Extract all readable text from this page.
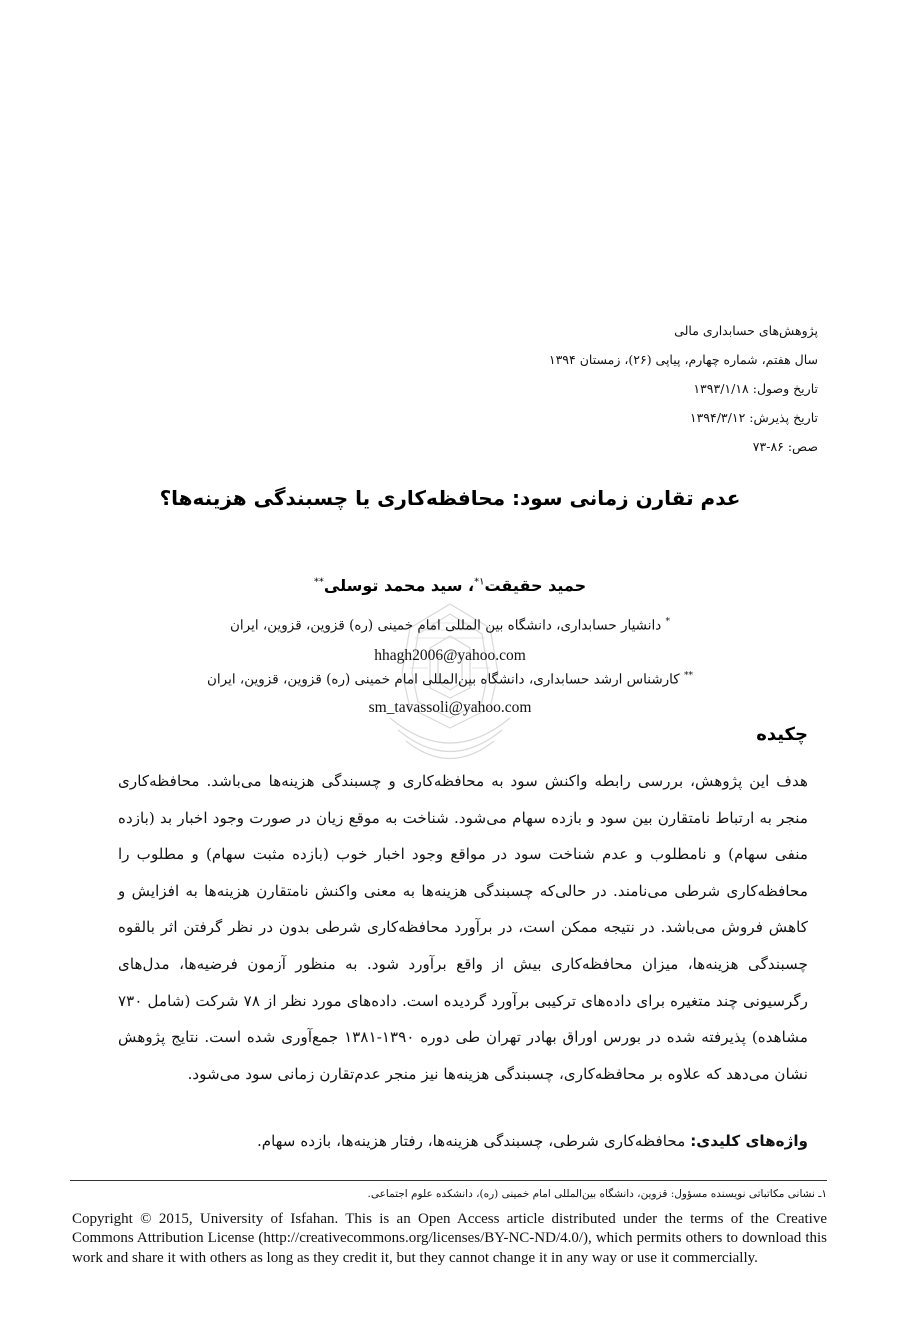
پژوهش‌های حسابداری مالی
سال هفتم، شماره چهارم، پیاپی (۲۶)، زمستان ۱۳۹۴
تاریخ وصول: ۱۳۹۳/۱/۱۸
تاریخ پذیرش: ۱۳۹۴/۳/۱۲
صص: ۸۶-۷۳
عدم تقارن زمانی سود: محافظه‌کاری یا چسبندگی هزینه‌ها؟
حمید حقیقت$^{۱*}$، سید محمد توسلی**
* دانشیار حسابداری، دانشگاه بین المللی امام خمینی (ره) قزوین، قزوین، ایران
hhagh2006@yahoo.com
** کارشناس ارشد حسابداری، دانشگاه بین‌المللی امام خمینی (ره) قزوین، قزوین، ایران
sm_tavassoli@yahoo.com
چکیده
هدف این پژوهش، بررسی رابطه واکنش سود به محافظه‌کاری و چسبندگی هزینه‌ها می‌باشد. محافظه‌کاری منجر به ارتباط نامتقارن بین سود و بازده سهام می‌شود. شناخت به موقع زیان در صورت وجود اخبار بد (بازده منفی سهام) و نامطلوب و عدم شناخت سود در مواقع وجود اخبار خوب (بازده مثبت سهام) و مطلوب را محافظه‌کاری شرطی می‌نامند. در حالی‌که چسبندگی هزینه‌ها به معنی واکنش نامتقارن هزینه‌ها به افزایش و کاهش فروش می‌باشد. در نتیجه ممکن است، در برآورد محافظه‌کاری شرطی بدون در نظر گرفتن اثر بالقوه چسبندگی هزینه‌ها، میزان محافظه‌کاری بیش از واقع برآورد شود. به منظور آزمون فرضیه‌ها، مدل‌های رگرسیونی چند متغیره برای داده‌های ترکیبی برآورد گردیده است. داده‌های مورد نظر از ۷۸ شرکت (شامل ۷۳۰ مشاهده) پذیرفته شده در بورس اوراق بهادر تهران طی دوره ۱۳۹۰-۱۳۸۱ جمع‌آوری شده است. نتایج پژوهش نشان می‌دهد که علاوه بر محافظه‌کاری، چسبندگی هزینه‌ها نیز منجر عدم‌تقارن زمانی سود می‌شود.
واژه‌های کلیدی: محافظه‌کاری شرطی، چسبندگی هزینه‌ها، رفتار هزینه‌ها، بازده سهام.
۱ـ نشانی مکاتباتی نویسنده مسؤول: قزوین، دانشگاه بین‌المللی امام خمینی (ره)، دانشکده علوم اجتماعی.
Copyright © 2015, University of Isfahan. This is an Open Access article distributed under the terms of the Creative Commons Attribution License (http://creativecommons.org/licenses/BY-NC-ND/4.0/), which permits others to download this work and share it with others as long as they credit it, but they cannot change it in any way or use it commercially.
